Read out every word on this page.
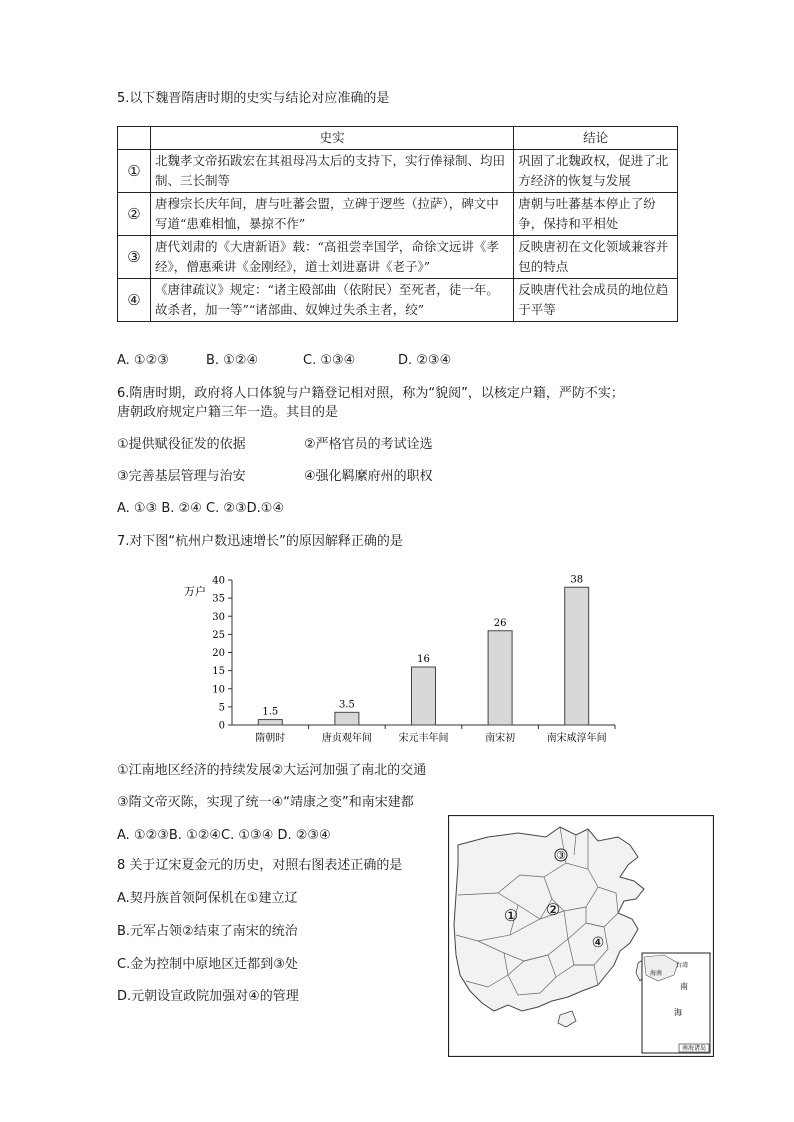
5.以下魏晋隋唐时期的史实与结论对应准确的是
	史实	结论
①	北魏孝文帝拓跋宏在其祖母冯太后的支持下，实行俸禄制、均田制、三长制等	巩固了北魏政权，促进了北方经济的恢复与发展
②	唐穆宗长庆年间，唐与吐蕃会盟，立碑于逻些（拉萨），碑文中写道“患难相恤，暴掠不作”	唐朝与吐蕃基本停止了纷争，保持和平相处
③	唐代刘肃的《大唐新语》载：“高祖尝幸国学，命徐文远讲《孝经》，僧惠乘讲《金刚经》，道士刘进嘉讲《老子》”	反映唐初在文化领域兼容并包的特点
④	《唐律疏议》规定：“诸主殴部曲（依附民）至死者，徒一年。故杀者，加一等”“诸部曲、奴婢过失杀主者，绞”	反映唐代社会成员的地位趋于平等
A. ①②③	B. ①②④	C. ①③④	D. ②③④
6.隋唐时期，政府将人口体貌与户籍登记相对照，称为“貌阅”，以核定户籍，严防不实；
唐朝政府规定户籍三年一造。其目的是
①提供赋役征发的依据	②严格官员的考试诠选
③完善基层管理与治安	④强化羁縻府州的职权
A. ①③ B. ②④ C. ②③D.①④
7.对下图“杭州户数迅速增长”的原因解释正确的是
万户
0
5
10
15
20
25
30
35
40
1.5
3.5
16
26
38
隋朝时	唐贞观年间	宋元丰年间	南宋初	南宋咸淳年间
①江南地区经济的持续发展②大运河加强了南北的交通
③隋文帝灭陈，实现了统一④“靖康之变”和南宋建都
A. ①②③B. ①②④C. ①③④ D. ②③④
8 关于辽宋夏金元的历史，对照右图表述正确的是
A.契丹族首领阿保机在①建立辽
B.元军占领②结束了南宋的统治
C.金为控制中原地区迁都到③处
D.元朝设宣政院加强对④的管理
③
① ②
④
台湾
海南
南
海
南海诸岛
